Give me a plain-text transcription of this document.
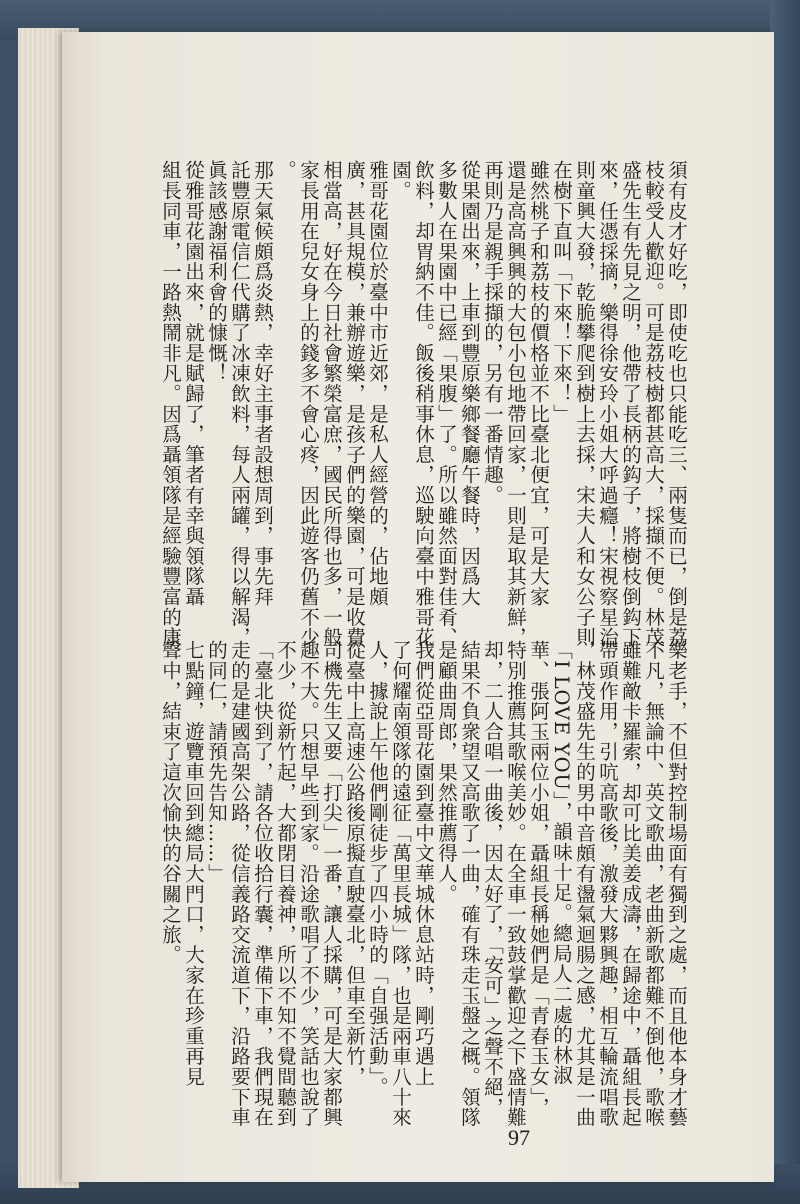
須有皮才好吃，即使吃也只能吃三、兩隻而已，倒是荔
枝較受人歡迎。可是荔枝樹都甚高大，採擷不便。林茂
盛先生有先見之明，他帶了長柄的鈎子，將樹枝倒鈎下
來，任憑採摘，樂得徐安玲小姐大呼過癮！宋視察星治
則童興大發，乾脆攀爬到樹上去採，宋夫人和女公子則
在樹下直叫「下來！下來！」
雖然桃子和荔枝的價格並不比臺北便宜，可是大家
還是高高興興的大包小包地帶回家，一則是取其新鮮，
再則乃是親手採擷的，另有一番情趣。
從果園出來，上車到豐原樂鄉餐廳午餐時，因爲大
多數人在果園中已經「果腹」了。所以雖然面對佳肴、
飲料，却胃納不佳。飯後稍事休息，巡駛向臺中雅哥花
園。
雅哥花園位於臺中市近郊，是私人經營的，佔地頗
廣，甚具規模，兼辦遊樂，是孩子們的樂園，可是收費
相當高，好在今日社會繁榮富庶，國民所得也多，一般
家長用在兒女身上的錢多不會心疼，因此遊客仍舊不少
。
那天氣候頗爲炎熱，幸好主事者設想周到，事先拜
託豐原電信仁代購了冰凍飲料，每人兩罐，得以解渴，
眞該感謝福利會的慷慨！
從雅哥花園出來，就是賦歸了，筆者有幸與領隊聶
組長同車，一路熱鬧非凡。因爲聶領隊是經驗豐富的康
樂老手，不但對控制場面有獨到之處，而且他本身才藝
不凡，無論中、英文歌曲，老曲新歌都難不倒他，歌喉
雖難敵卡羅索，却可比美姜成濤，在歸途中，聶組長起
帶頭作用，引吭高歌後，激發大夥興趣，相互輪流唱歌
，林茂盛先生的男中音頗有盪氣迴腸之感，尤其是一曲
「I LOVE YOU」，韻味十足。總局人二處的林淑
華、張阿玉兩位小姐，聶組長稱她們是「青春玉女」，
特別推薦其歌喉美妙。在全車一致鼓掌歡迎之下盛情難
却，二人合唱一曲後，因太好了，「安可」之聲不絕，
結果不負衆望又高歌了一曲，確有珠走玉盤之概。領隊
是顧曲周郎，果然推薦得人。
我們從亞哥花園到臺中文華城休息站時，剛巧遇上
了何耀南領隊的遠征「萬里長城」隊，也是兩車八十來
人，據說上午他們剛徒步了四小時的「自强活動」。
從臺中上高速公路後原擬直駛臺北，但車至新竹，
司機先生又要「打尖」一番，讓人採購，可是大家都興
趣不大。只想早些到家。沿途歌唱了不少，笑話也說了
不少，從新竹起，大都閉目養神，所以不知不覺間聽到
「臺北快到了，請各位收拾行囊，準備下車，我們現在
走的是建國高架公路，從信義路交流道下，沿路要下車
的同仁，請預先告知……」
七點鐘，遊覽車回到總局大門口，大家在珍重再見
聲中，結束了這次愉快的谷關之旅。
97
